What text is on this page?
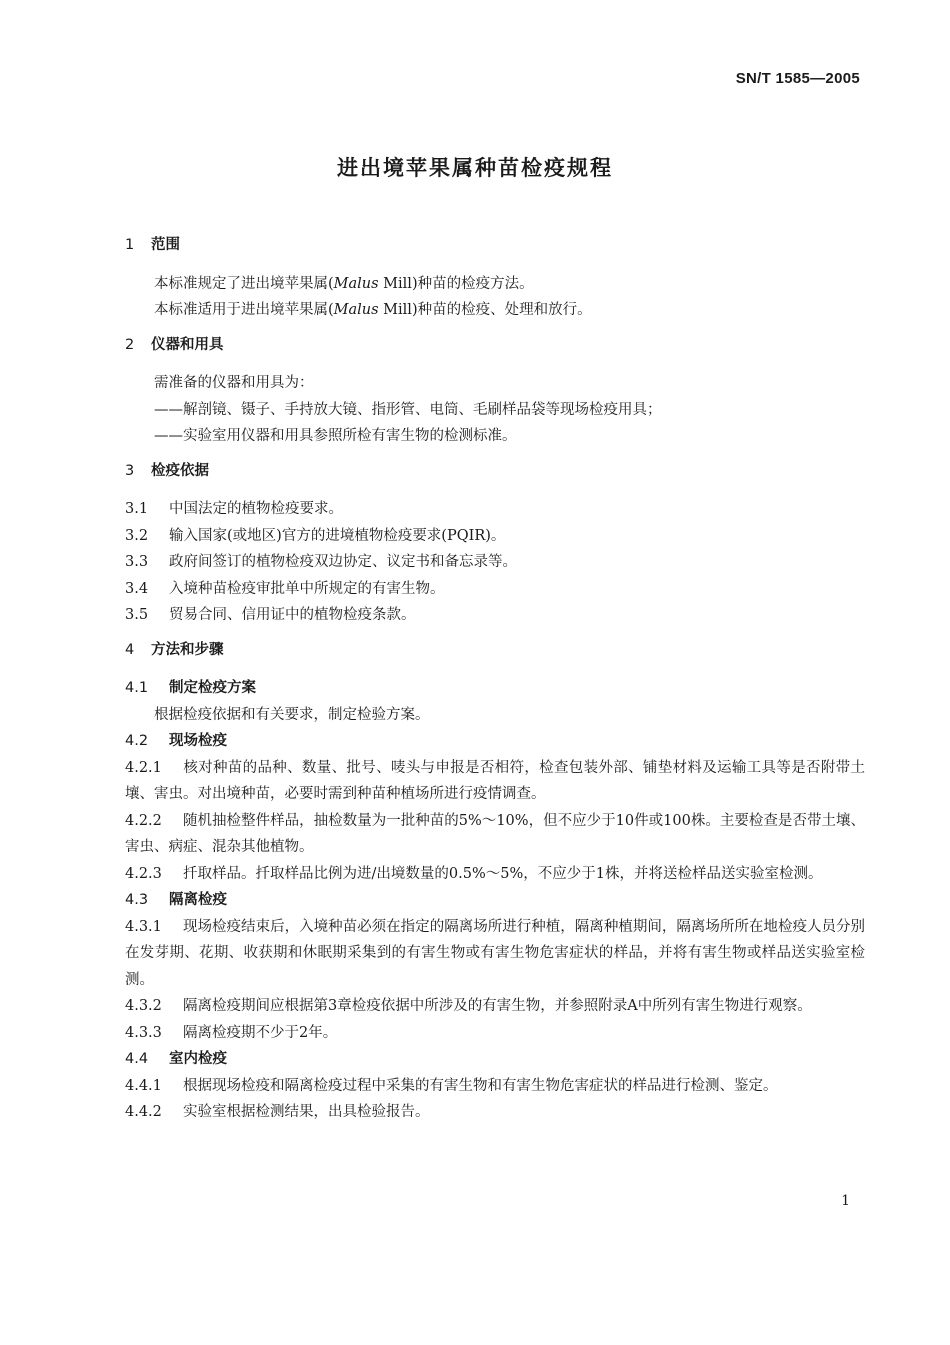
SN/T 1585—2005
进出境苹果属种苗检疫规程
1 范围
本标准规定了进出境苹果属(Malus Mill)种苗的检疫方法。
本标准适用于进出境苹果属(Malus Mill)种苗的检疫、处理和放行。
2 仪器和用具
需准备的仪器和用具为：
——解剖镜、镊子、手持放大镜、指形管、电筒、毛刷样品袋等现场检疫用具；
——实验室用仪器和用具参照所检有害生物的检测标准。
3 检疫依据
3.1 中国法定的植物检疫要求。
3.2 输入国家(或地区)官方的进境植物检疫要求(PQIR)。
3.3 政府间签订的植物检疫双边协定、议定书和备忘录等。
3.4 入境种苗检疫审批单中所规定的有害生物。
3.5 贸易合同、信用证中的植物检疫条款。
4 方法和步骤
4.1 制定检疫方案
根据检疫依据和有关要求，制定检验方案。
4.2 现场检疫
4.2.1 核对种苗的品种、数量、批号、唛头与申报是否相符，检查包装外部、铺垫材料及运输工具等是否附带土壤、害虫。对出境种苗，必要时需到种苗种植场所进行疫情调查。
4.2.2 随机抽检整件样品，抽检数量为一批种苗的5%～10%，但不应少于10件或100株。主要检查是否带土壤、害虫、病症、混杂其他植物。
4.2.3 扦取样品。扦取样品比例为进/出境数量的0.5%～5%，不应少于1株，并将送检样品送实验室检测。
4.3 隔离检疫
4.3.1 现场检疫结束后，入境种苗必须在指定的隔离场所进行种植，隔离种植期间，隔离场所所在地检疫人员分别在发芽期、花期、收获期和休眠期采集到的有害生物或有害生物危害症状的样品，并将有害生物或样品送实验室检测。
4.3.2 隔离检疫期间应根据第3章检疫依据中所涉及的有害生物，并参照附录A中所列有害生物进行观察。
4.3.3 隔离检疫期不少于2年。
4.4 室内检疫
4.4.1 根据现场检疫和隔离检疫过程中采集的有害生物和有害生物危害症状的样品进行检测、鉴定。
4.4.2 实验室根据检测结果，出具检验报告。
1
